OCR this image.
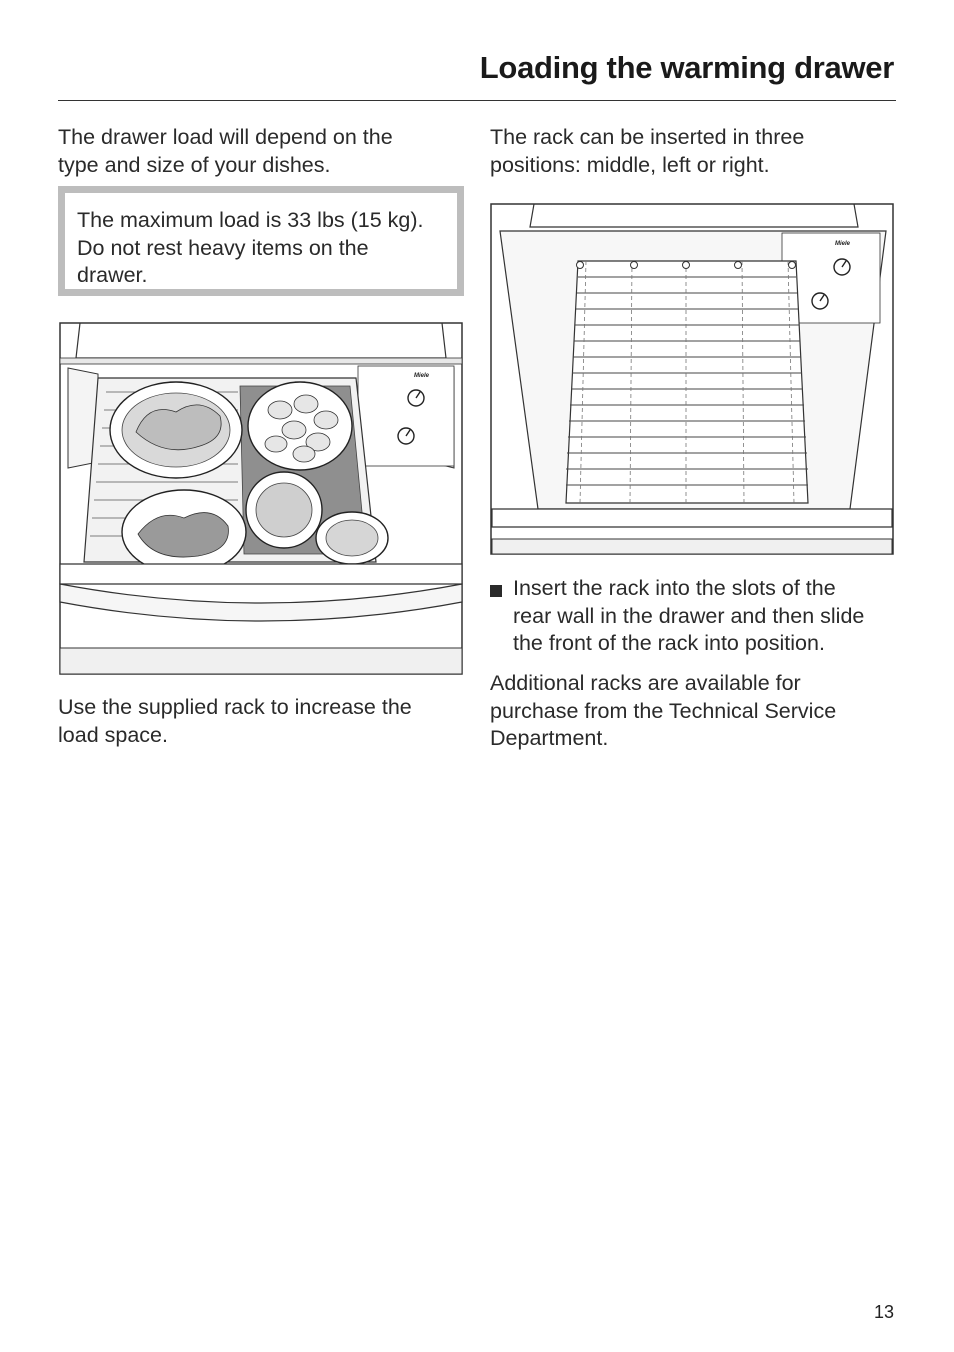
Loading the warming drawer

The drawer load will depend on the

type and size of your dishes.

The maximum load is 33 lbs (15 kg).
Do not rest heavy items on the
drawer.
Miele

Use the supplied rack to increase the

load space.

The rack can be inserted in three

positions: middle, left or right.

Miele
Insert the rack into the slots of the
rear wall in the drawer and then slide
the front of the rack into position.

Additional racks are available for

purchase from the Technical Service

Department.

13
